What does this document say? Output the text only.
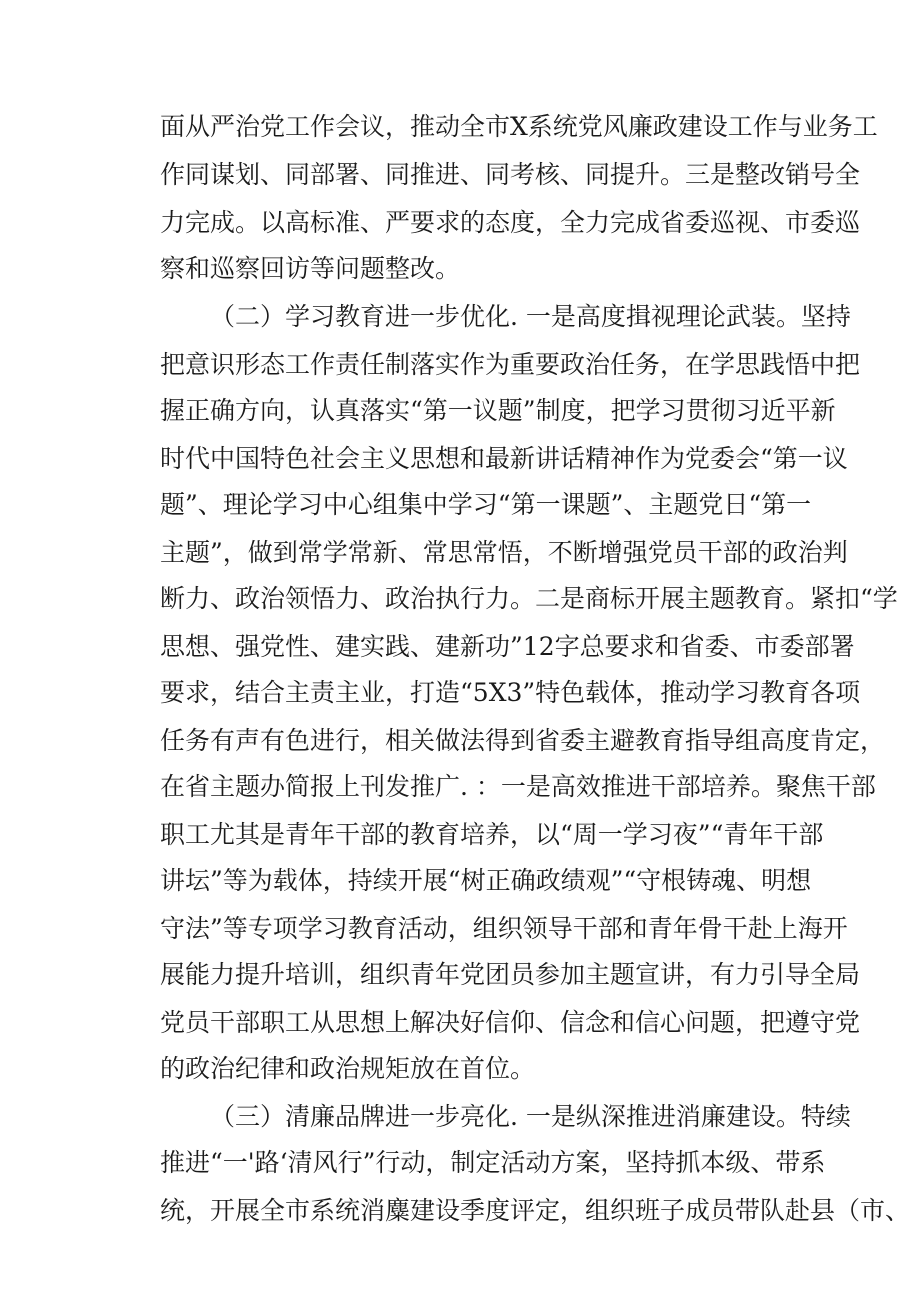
面从严治党工作会议，推动全市X系统党风廉政建设工作与业务工
作同谋划、同部署、同推进、同考核、同提升。三是整改销号全
力完成。以高标准、严要求的态度，全力完成省委巡视、市委巡
察和巡察回访等问题整改。
（二）学习教育进一步优化. 一是高度揖视理论武装。坚持
把意识形态工作责任制落实作为重要政治任务，在学思践悟中把
握正确方向，认真落实“第一议题”制度，把学习贯彻习近平新
时代中国特色社会主义思想和最新讲话精神作为党委会“第一议
题”、理论学习中心组集中学习“第一课题”、主题党日“第一
主题”，做到常学常新、常思常悟，不断增强党员干部的政治判
断力、政治领悟力、政治执行力。二是商标开展主题教育。紧扣“学
思想、强党性、建实践、建新功”12字总要求和省委、市委部署
要求，结合主责主业，打造“5X3”特色载体，推动学习教育各项
任务有声有色进行，相关做法得到省委主避教育指导组高度肯定，
在省主题办简报上刊发推广. ：一是高效推进干部培养。聚焦干部
职工尤其是青年干部的教育培养，以“周一学习夜”“青年干部
讲坛”等为载体，持续开展“树正确政绩观”“守根铸魂、明想
守法”等专项学习教育活动，组织领导干部和青年骨干赴上海开
展能力提升培训，组织青年党团员参加主题宣讲，有力引导全局
党员干部职工从思想上解决好信仰、信念和信心问题，把遵守党
的政治纪律和政治规矩放在首位。
（三）清廉品牌进一步亮化. 一是纵深推进消廉建设。特续
推进“一'路‘清风行”行动，制定活动方案，坚持抓本级、带系
统，开展全市系统消麋建设季度评定，组织班子成员带队赴县（市、
